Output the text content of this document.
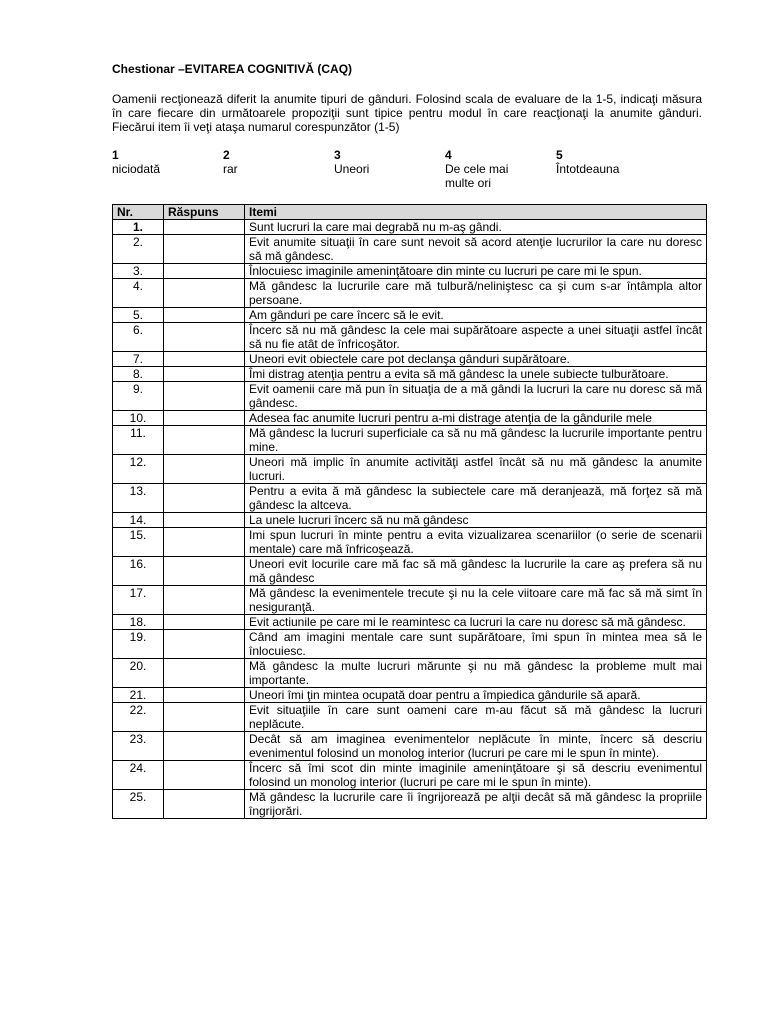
Chestionar –EVITAREA COGNITIVĂ (CAQ)

Oamenii recţionează diferit la anumite tipuri de gânduri. Folosind scala de evaluare de la 1-5, indicaţi măsura în care fiecare din următoarele propoziţii sunt tipice pentru modul în care reacţionaţi la anumite gânduri. Fiecărui item îi veţi ataşa numarul corespunzător (1-5)
1
niciodată
2
rar
3
Uneori
4
De cele mai multe ori
5
Întotdeauna
Nr.	Răspuns	Itemi
1.		Sunt lucruri la care mai degrabă nu m-aş gândi.
2.		Evit anumite situaţii în care sunt nevoit să acord atenţie lucrurilor la care nu doresc să mă gândesc.
3.		Înlocuiesc imaginile ameninţătoare din minte cu lucruri pe care mi le spun.
4.		Mă gândesc la lucrurile care mă tulbură/neliniştesc ca şi cum s-ar întâmpla altor persoane.
5.		Am gânduri pe care încerc să le evit.
6.		Încerc să nu mă gândesc la cele mai supărătoare aspecte a unei situaţii astfel încât să nu fie atât de înfricoşător.
7.		Uneori evit obiectele care pot declanşa gânduri supărătoare.
8.		Îmi distrag atenţia pentru a evita să mă gândesc la unele subiecte tulburătoare.
9.		Evit oamenii care mă pun în situaţia de a mă gândi la lucruri la care nu doresc să mă gândesc.
10.		Adesea fac anumite lucruri pentru a-mi distrage atenţia de la gândurile mele
11.		Mă gândesc la lucruri superficiale ca să nu mă gândesc la lucrurile importante pentru mine.
12.		Uneori mă implic în anumite activităţi astfel încât să nu mă gândesc la anumite lucruri.
13.		Pentru a evita ă mă gândesc la subiectele care mă deranjează, mă forţez să mă gândesc la altceva.
14.		La unele lucruri încerc să nu mă gândesc
15.		Imi spun lucruri în minte pentru a evita vizualizarea scenariilor (o serie de scenarii mentale) care mă înfricoşează.
16.		Uneori evit locurile care mă fac să mă gândesc la lucrurile la care aş prefera să nu mă gândesc
17.		Mă gândesc la evenimentele trecute şi nu la cele viitoare care mă fac să mă simt în nesiguranţă.
18.		Evit actiunile pe care mi le reamintesc ca lucruri la care nu doresc să mă gândesc.
19.		Când am imagini mentale care sunt supărătoare, îmi spun în mintea mea să le înlocuiesc.
20.		Mă gândesc la multe lucruri mărunte şi nu mă gândesc la probleme mult mai importante.
21.		Uneori îmi ţin mintea ocupată doar pentru a împiedica gândurile să apară.
22.		Evit situaţiile în care sunt oameni care m-au făcut să mă gândesc la lucruri neplăcute.
23.		Decât să am imaginea evenimentelor neplăcute în minte, încerc să descriu evenimentul folosind un monolog interior (lucruri pe care mi le spun în minte).
24.		Încerc să îmi scot din minte imaginile ameninţătoare şi să descriu evenimentul folosind un monolog interior (lucruri pe care mi le spun în minte).
25.		Mă gândesc la lucrurile care îi îngrijorează pe alţii decât să mă gândesc la propriile îngrijorări.
